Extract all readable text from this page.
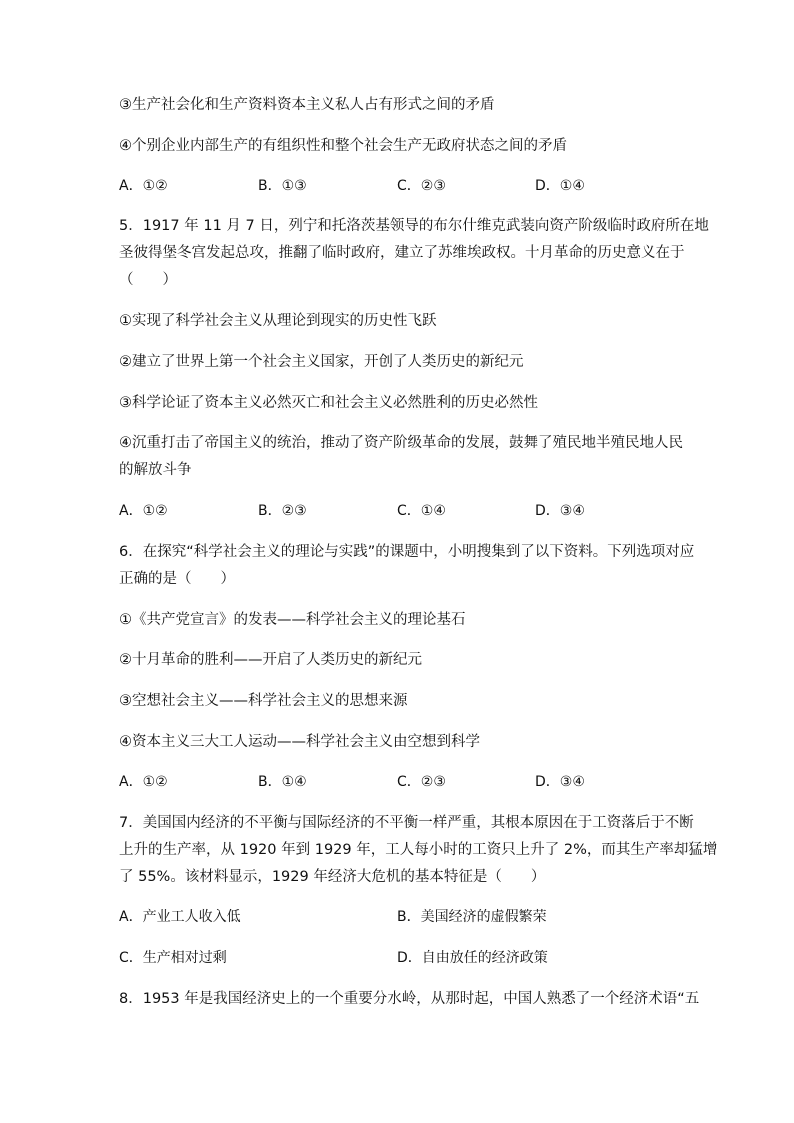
③生产社会化和生产资料资本主义私人占有形式之间的矛盾
④个别企业内部生产的有组织性和整个社会生产无政府状态之间的矛盾
A．①②	B．①③	C．②③	D．①④
5．1917 年 11 月 7 日，列宁和托洛茨基领导的布尔什维克武装向资产阶级临时政府所在地
圣彼得堡冬宫发起总攻，推翻了临时政府，建立了苏维埃政权。十月革命的历史意义在于
（　　）
①实现了科学社会主义从理论到现实的历史性飞跃
②建立了世界上第一个社会主义国家，开创了人类历史的新纪元
③科学论证了资本主义必然灭亡和社会主义必然胜利的历史必然性
④沉重打击了帝国主义的统治，推动了资产阶级革命的发展，鼓舞了殖民地半殖民地人民
的解放斗争
A．①②	B．②③	C．①④	D．③④
6．在探究“科学社会主义的理论与实践”的课题中，小明搜集到了以下资料。下列选项对应
正确的是（　　）
①《共产党宣言》的发表——科学社会主义的理论基石
②十月革命的胜利——开启了人类历史的新纪元
③空想社会主义——科学社会主义的思想来源
④资本主义三大工人运动——科学社会主义由空想到科学
A．①②	B．①④	C．②③	D．③④
7．美国国内经济的不平衡与国际经济的不平衡一样严重，其根本原因在于工资落后于不断
上升的生产率，从 1920 年到 1929 年，工人每小时的工资只上升了 2%，而其生产率却猛增
了 55%。该材料显示，1929 年经济大危机的基本特征是（　　）
A．产业工人收入低	B．美国经济的虚假繁荣
C．生产相对过剩	D．自由放任的经济政策
8．1953 年是我国经济史上的一个重要分水岭，从那时起，中国人熟悉了一个经济术语“五
